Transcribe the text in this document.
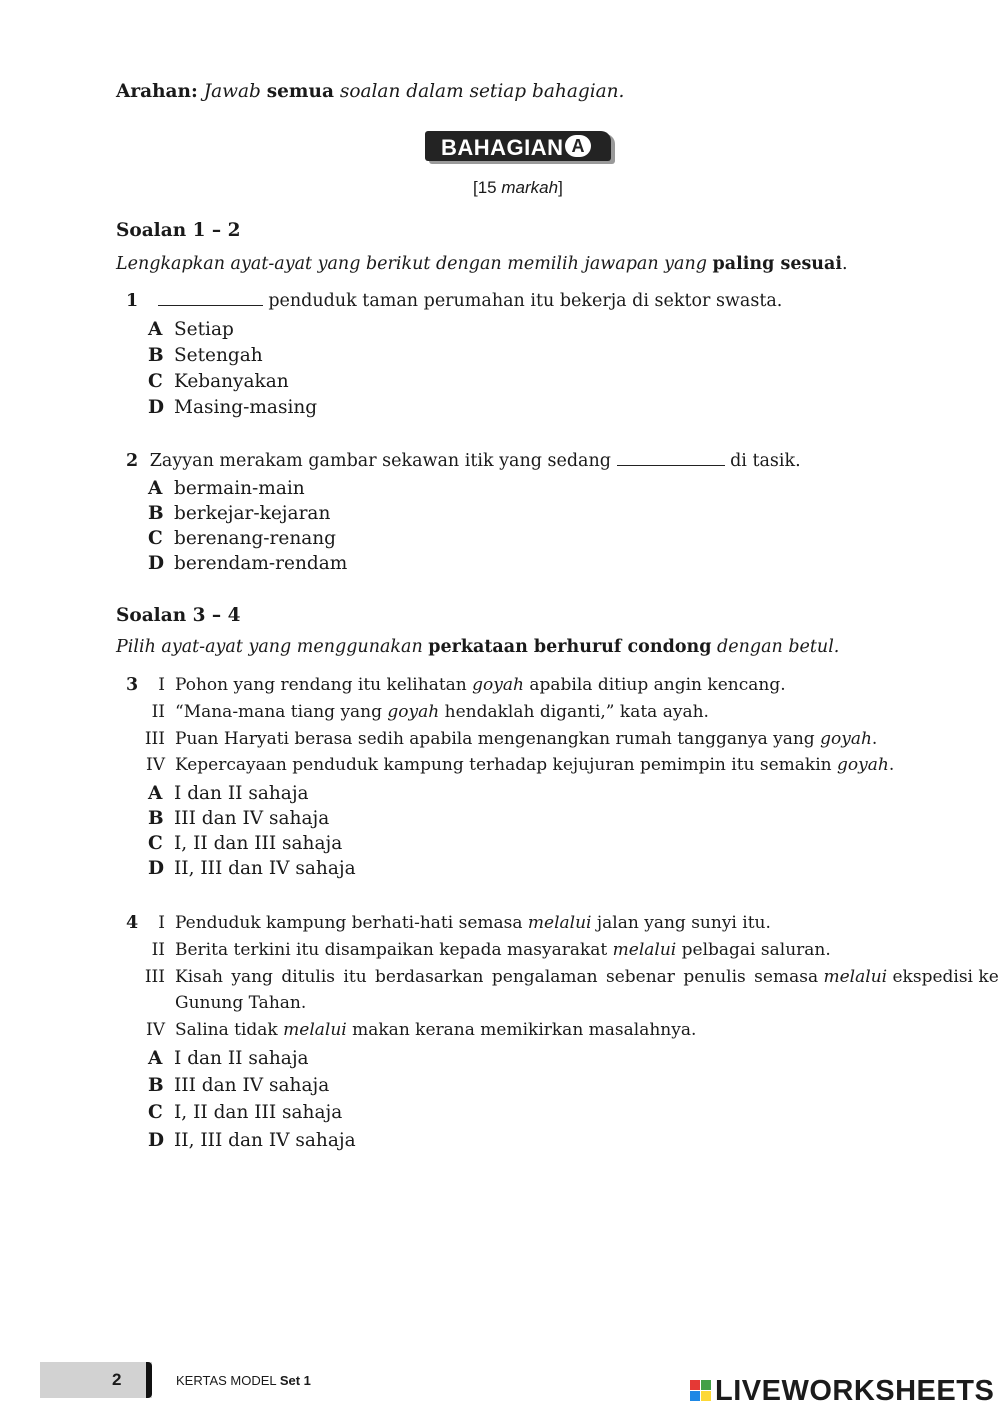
Arahan: Jawab semua soalan dalam setiap bahagian.
BAHAGIAN A
[15 markah]
Soalan 1 – 2
Lengkapkan ayat-ayat yang berikut dengan memilih jawapan yang paling sesuai.
1	penduduk taman perumahan itu bekerja di sektor swasta.
A Setiap
B Setengah
C Kebanyakan
D Masing-masing
2 Zayyan merakam gambar sekawan itik yang sedang	di tasik.
A bermain-main
B berkejar-kejaran
C berenang-renang
D berendam-rendam
Soalan 3 – 4
Pilih ayat-ayat yang menggunakan perkataan berhuruf condong dengan betul.
3	I Pohon yang rendang itu kelihatan goyah apabila ditiup angin kencang.
II “Mana-mana tiang yang goyah hendaklah diganti,” kata ayah.
III Puan Haryati berasa sedih apabila mengenangkan rumah tangganya yang goyah.
IV Kepercayaan penduduk kampung terhadap kejujuran pemimpin itu semakin goyah.
A I dan II sahaja
B III dan IV sahaja
C I, II dan III sahaja
D II, III dan IV sahaja
4	I Penduduk kampung berhati-hati semasa melalui jalan yang sunyi itu.
II Berita terkini itu disampaikan kepada masyarakat melalui pelbagai saluran.
III Kisah yang ditulis itu berdasarkan pengalaman sebenar penulis semasa melalui ekspedisi ke
Gunung Tahan.
IV Salina tidak melalui makan kerana memikirkan masalahnya.
A I dan II sahaja
B III dan IV sahaja
C I, II dan III sahaja
D II, III dan IV sahaja
2	KERTAS MODEL Set 1	LIVEWORKSHEETS
